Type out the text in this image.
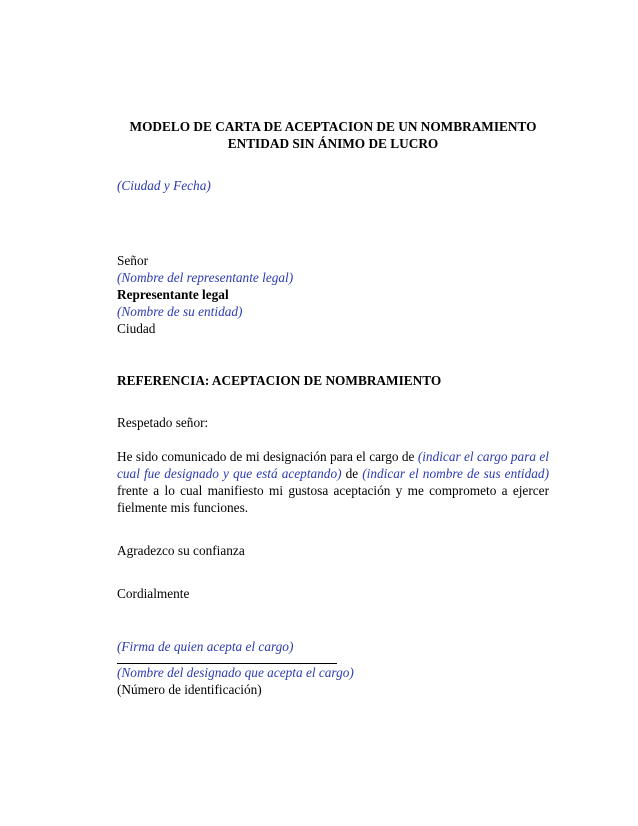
MODELO DE CARTA DE ACEPTACION DE UN NOMBRAMIENTO

ENTIDAD SIN ÁNIMO DE LUCRO

(Ciudad y Fecha)

Señor

(Nombre del representante legal)

Representante legal

(Nombre de su entidad)

Ciudad

REFERENCIA: ACEPTACION DE NOMBRAMIENTO

Respetado señor:

He sido comunicado de mi designación para el cargo de (indicar el cargo para el cual fue designado y que está aceptando) de (indicar el nombre de sus entidad) frente a lo cual manifiesto mi gustosa aceptación y me comprometo a ejercer fielmente mis funciones.

Agradezco su confianza

Cordialmente

(Firma de quien acepta el cargo)

(Nombre del designado que acepta el cargo)

(Número de identificación)
